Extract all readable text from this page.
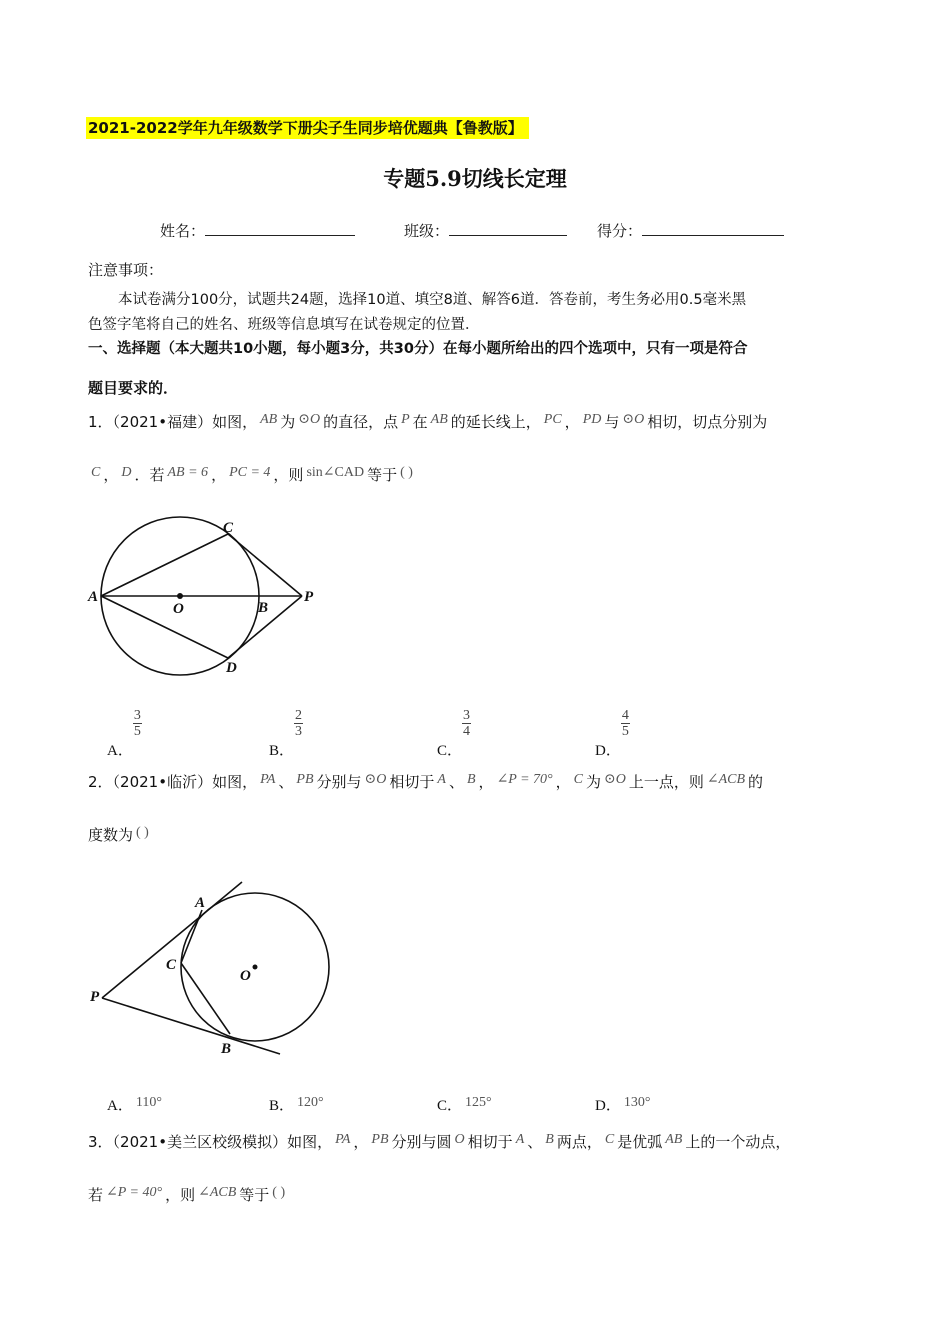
2021-2022学年九年级数学下册尖子生同步培优题典【鲁教版】
专题5.9切线长定理
姓名：	班级：	得分：
注意事项：
本试卷满分100分，试题共24题，选择10道、填空8道、解答6道．答卷前，考生务必用0.5毫米黑
色签字笔将自己的姓名、班级等信息填写在试卷规定的位置．
一、选择题（本大题共10小题，每小题3分，共30分）在每小题所给出的四个选项中，只有一项是符合
题目要求的．
1．（2021•福建）如图， AB 为 ⊙O 的直径，点 P 在 AB 的延长线上， PC ， PD 与 ⊙O 相切，切点分别为
C ， D ．若 AB = 6 ， PC = 4 ，则 sin∠CAD 等于 ( )
A
O	B
P
C
D
A．
$\frac{3}{5}$
B．
$\frac{2}{3}$
C．
$\frac{3}{4}$
D．
$\frac{4}{5}$
2．（2021•临沂）如图， PA 、 PB 分别与 ⊙O 相切于 A 、 B ， ∠P = 70° ， C 为 ⊙O 上一点，则 ∠ACB 的
度数为 ( )
A
C
O
P
B
A． 110°	B． 120°	C． 125°	D． 130°
3．（2021•美兰区校级模拟）如图， PA ， PB 分别与圆 O 相切于 A 、 B 两点， C 是优弧 AB 上的一个动点，
若 ∠P = 40° ，则 ∠ACB 等于 ( )
